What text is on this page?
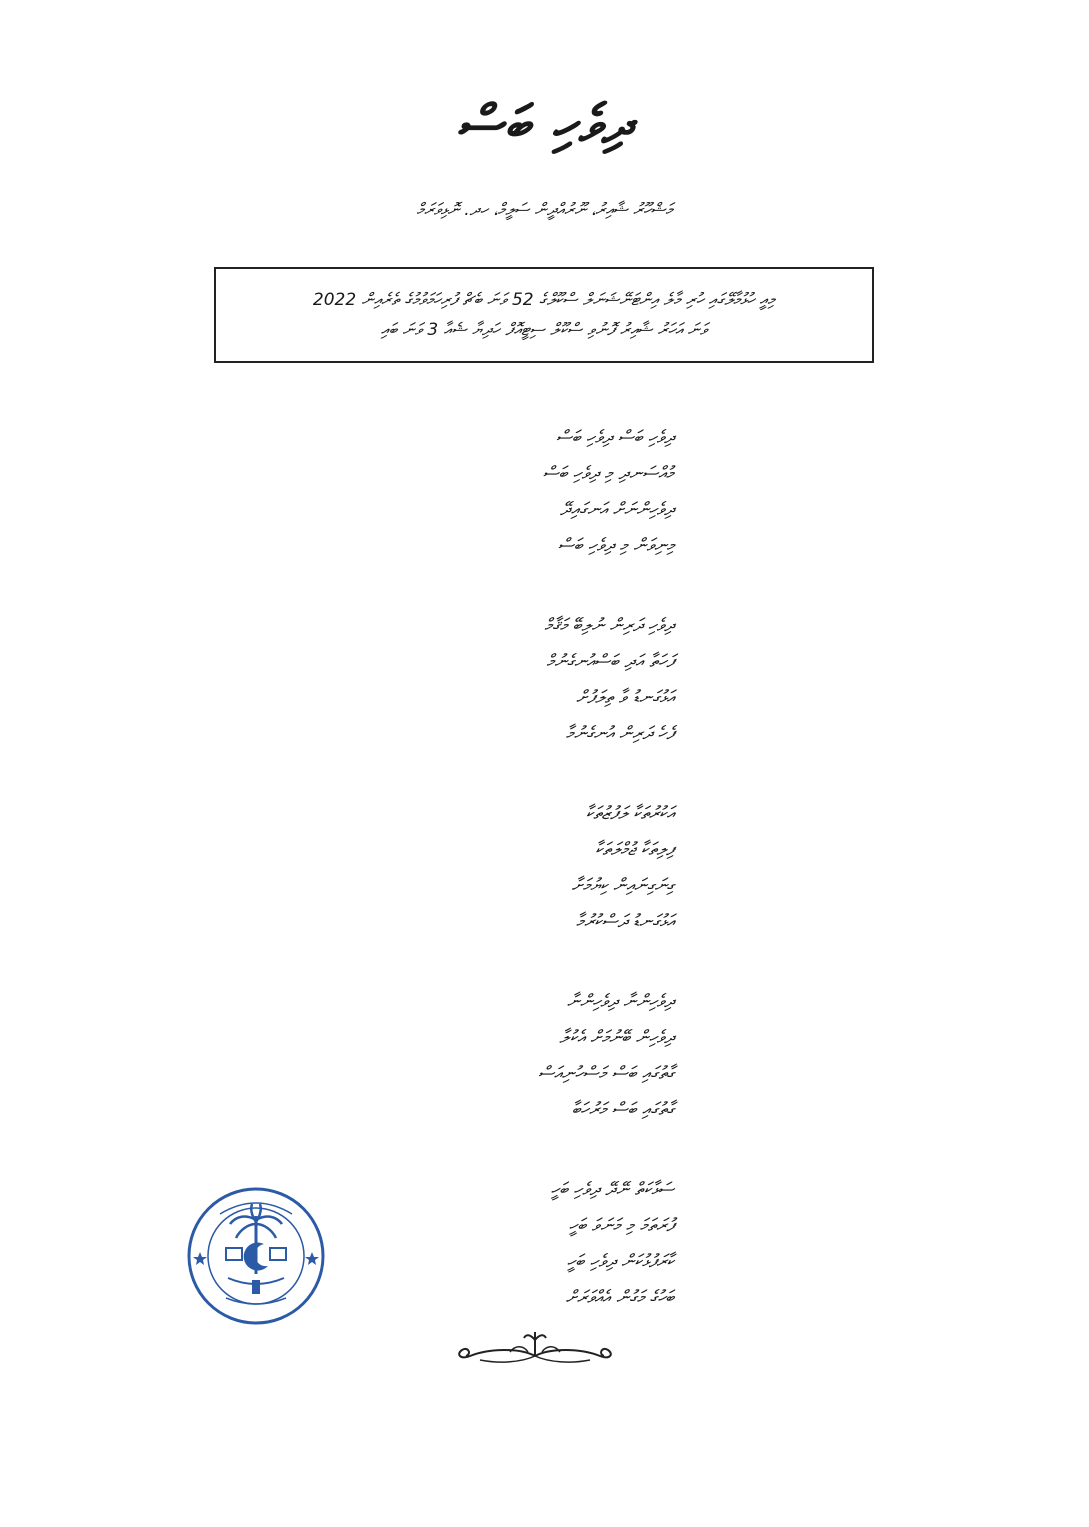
ދިވެހި ބަސް
މަޝްހޫރު ޝާއިރު، ނޫރުއްދީން ސަލީމް، ހދ. ނޮޅިވަރަމް
މިއީ ހުޅުމާލޭގައި ހުރި މާލެ އިންޓަނޭޝަނަލް ސްކޫލްގެ 52 ވަނަ ބެޗް ފުރިހަމަވުމުގެ ތެރެއިން 2022
ވަނަ އަހަރު ޝާއިރު ފޮނުވި ސްކޫލް ސިޓީއޮފް ހަދިޔާ ޝެއާ 3 ވަނަ ބައި
ދިވެހި ބަސް ދިވެހި ބަސް
މުއްސަނދި މި ދިވެހި ބަސް
ދިވެހިންނަށް އަނގައިދޭ
މިނިވަން މި ދިވެހި ބަސް
ދިވެހި ދަރިން ނުލިބޭ މަޤާމް
ފަހަތާ އަދި ބަސްއުނގެނުމް
އަޅުގަނޑު ވާ ތިލަފުށް
ފެހެ ދަރިން އުނގެނުމާ
އަކުރުތަކާ ލަފުޒުތަކާ
ފިލިތަކާ ޖުމްލަތަކާ
ގިނަގިނައިން ކިޔުމަށާ
އަޅުގަނޑު ދަސްކުރުމާ
ދިވެހިންނާ ދިވެހިންނާ
ދިވެހިން ބޭނުމަށް އެކުލާ
ގާތުގައި ބަސް މަސްހުނިއަސް
ގާތުގައި ބަސް މަރުހަބާ
ސަޅާކަތް ނޭދޭ ދިވެހި ބަހީ
ފުރަތަމަ މި މަނަވަ ބަހީ
ކާރަފުޅުކަން ދިވެހި ބަހީ
ބަހުގެ މަގުން އެއްވަރަށް
